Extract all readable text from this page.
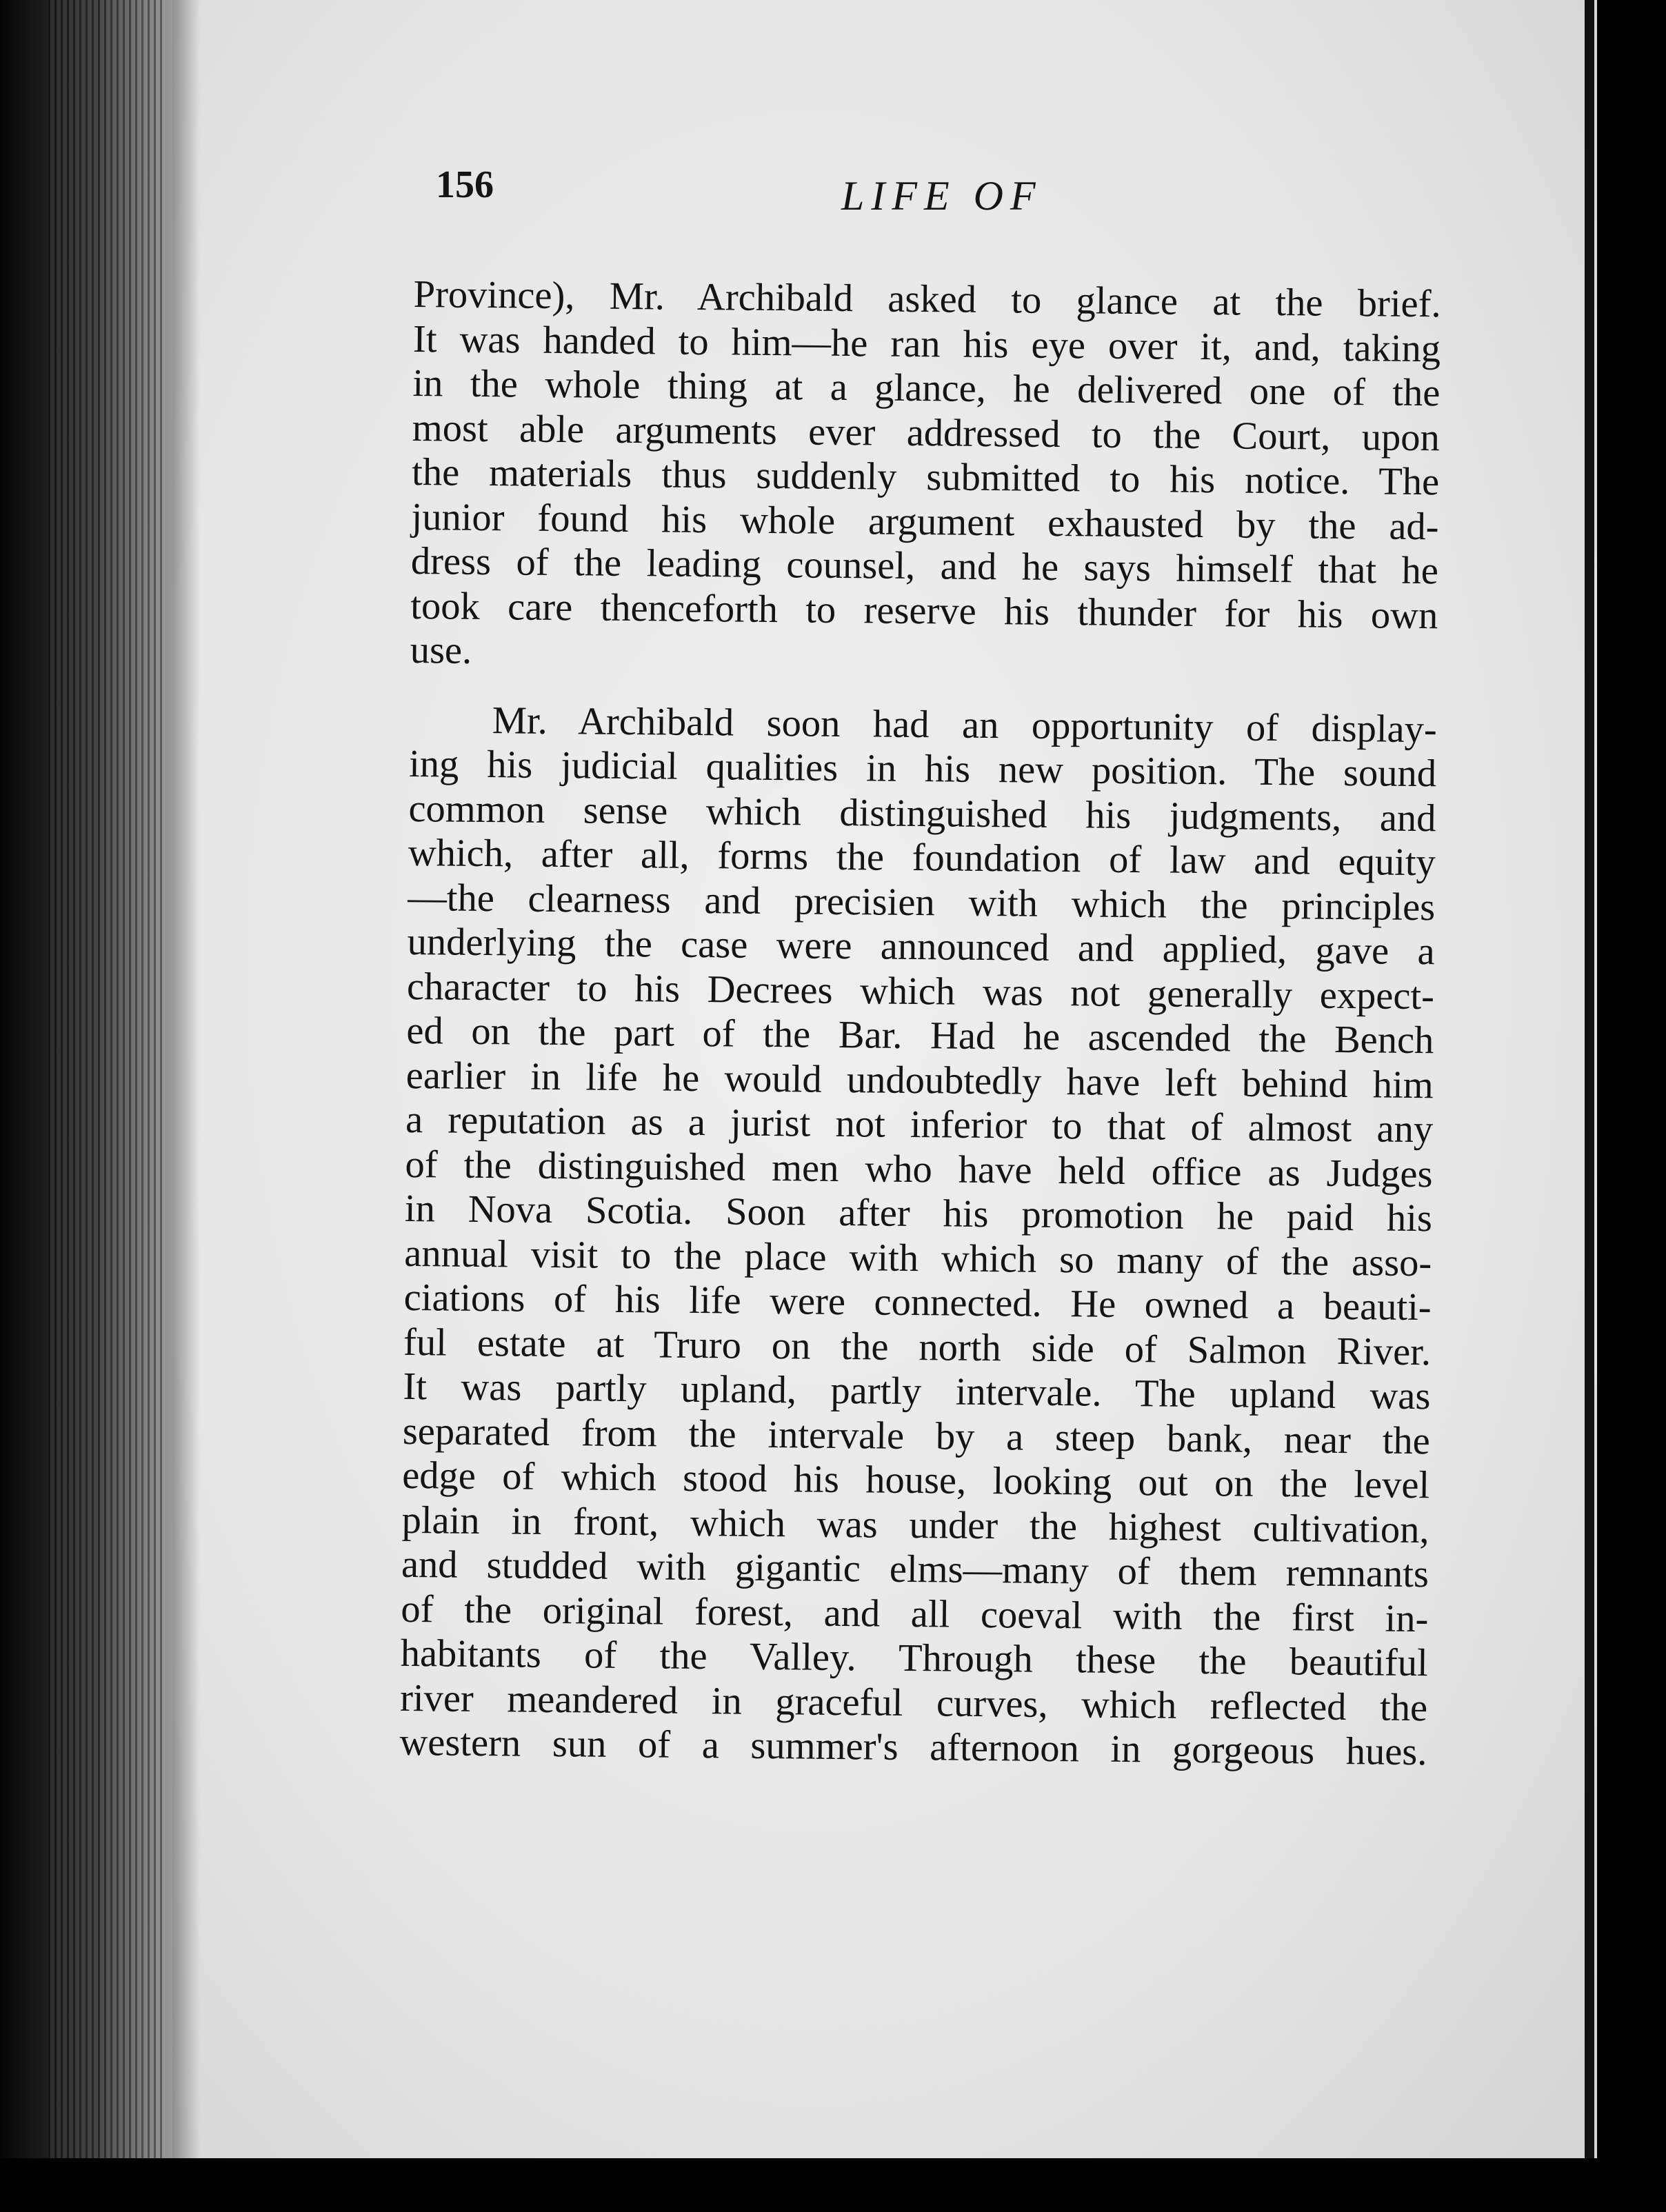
156	LIFE OF

Province), Mr. Archibald asked to glance at the brief.
It was handed to him—he ran his eye over it, and, taking
in the whole thing at a glance, he delivered one of the
most able arguments ever addressed to the Court, upon
the materials thus suddenly submitted to his notice. The
junior found his whole argument exhausted by the ad-
dress of the leading counsel, and he says himself that he
took care thenceforth to reserve his thunder for his own
use.

Mr. Archibald soon had an opportunity of display-
ing his judicial qualities in his new position. The sound
common sense which distinguished his judgments, and
which, after all, forms the foundation of law and equity
—the clearness and precisien with which the principles
underlying the case were announced and applied, gave a
character to his Decrees which was not generally expect-
ed on the part of the Bar. Had he ascended the Bench
earlier in life he would undoubtedly have left behind him
a reputation as a jurist not inferior to that of almost any
of the distinguished men who have held office as Judges
in Nova Scotia. Soon after his promotion he paid his
annual visit to the place with which so many of the asso-
ciations of his life were connected. He owned a beauti-
ful estate at Truro on the north side of Salmon River.
It was partly upland, partly intervale. The upland was
separated from the intervale by a steep bank, near the
edge of which stood his house, looking out on the level
plain in front, which was under the highest cultivation,
and studded with gigantic elms—many of them remnants
of the original forest, and all coeval with the first in-
habitants of the Valley. Through these the beautiful
river meandered in graceful curves, which reflected the
western sun of a summer's afternoon in gorgeous hues.
